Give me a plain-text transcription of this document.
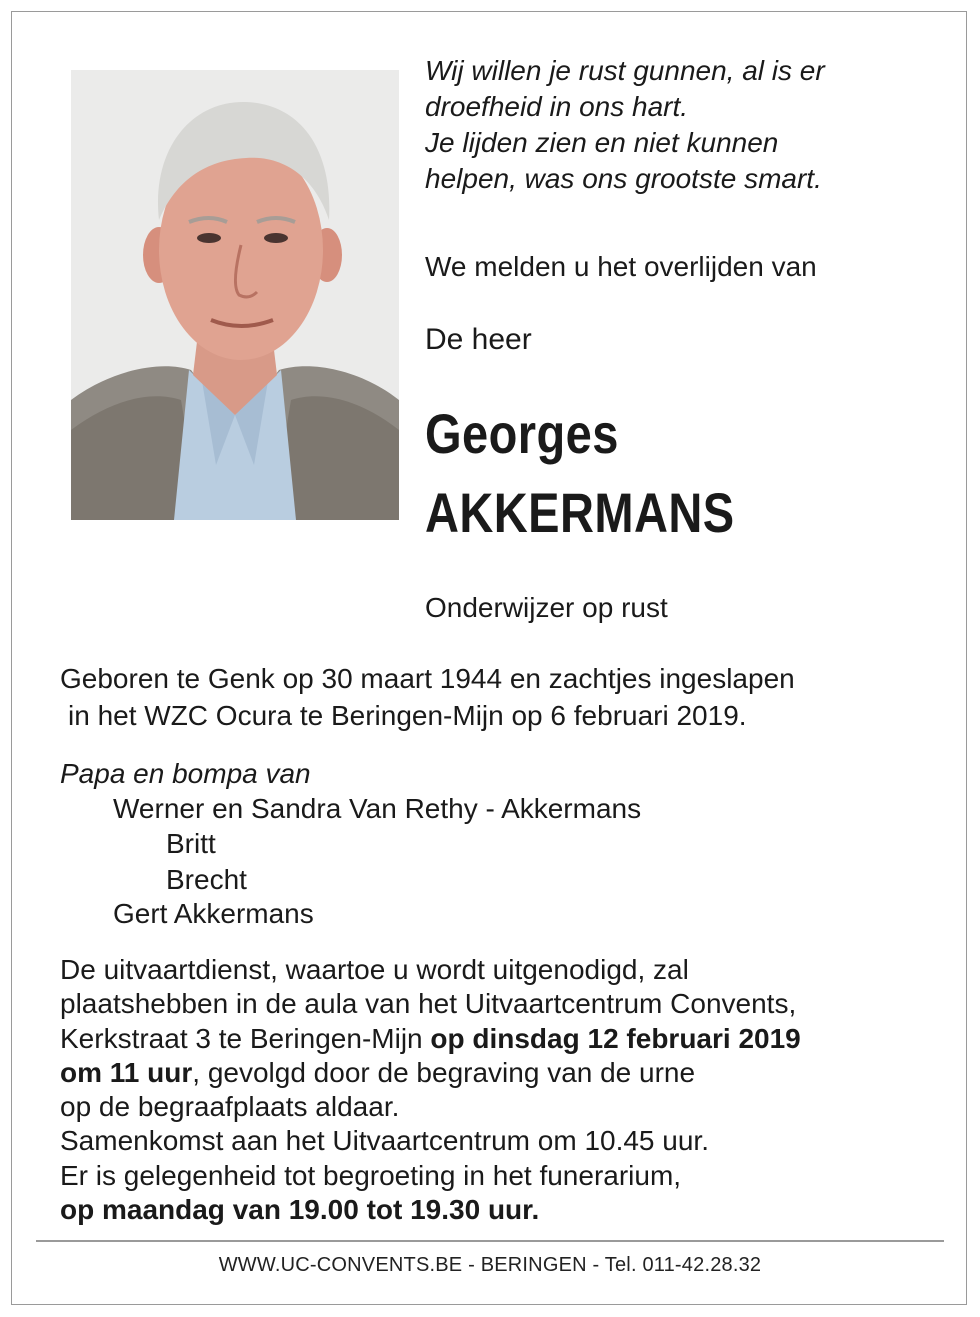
Wij willen je rust gunnen, al is er
droefheid in ons hart.
Je lijden zien en niet kunnen
helpen, was ons grootste smart.
We melden u het overlijden van
De heer
Georges
AKKERMANS
Onderwijzer op rust
Geboren te Genk op 30 maart 1944 en zachtjes ingeslapen
in het WZC Ocura te Beringen-Mijn op 6 februari 2019.
Papa en bompa van
Werner en Sandra Van Rethy - Akkermans
Britt
Brecht
Gert Akkermans
De uitvaartdienst, waartoe u wordt uitgenodigd, zal
plaatshebben in de aula van het Uitvaartcentrum Convents,
Kerkstraat 3 te Beringen-Mijn op dinsdag 12 februari 2019
om 11 uur, gevolgd door de begraving van de urne
op de begraafplaats aldaar.
Samenkomst aan het Uitvaartcentrum om 10.45 uur.
Er is gelegenheid tot begroeting in het funerarium,
op maandag van 19.00 tot 19.30 uur.
WWW.UC-CONVENTS.BE - BERINGEN - Tel. 011-42.28.32
